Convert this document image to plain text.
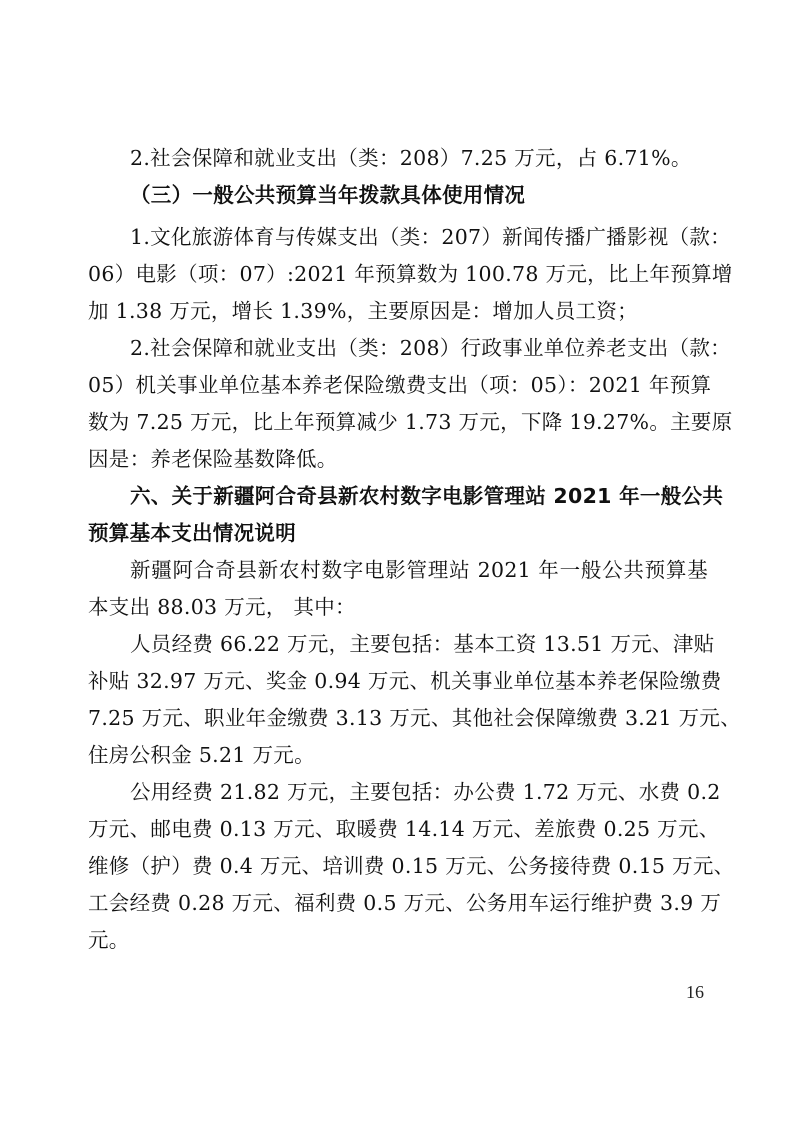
2.社会保障和就业支出（类：208）7.25 万元，占 6.71%。
（三）一般公共预算当年拨款具体使用情况
1.文化旅游体育与传媒支出（类：207）新闻传播广播影视（款：
06）电影（项：07）:2021 年预算数为 100.78 万元，比上年预算增
加 1.38 万元，增长 1.39%，主要原因是：增加人员工资；
2.社会保障和就业支出（类：208）行政事业单位养老支出（款：
05）机关事业单位基本养老保险缴费支出（项：05）：2021 年预算
数为 7.25 万元，比上年预算减少 1.73 万元，下降 19.27%。主要原
因是：养老保险基数降低。
六、关于新疆阿合奇县新农村数字电影管理站 2021 年一般公共
预算基本支出情况说明
新疆阿合奇县新农村数字电影管理站 2021 年一般公共预算基
本支出 88.03 万元， 其中：
人员经费 66.22 万元，主要包括：基本工资 13.51 万元、津贴
补贴 32.97 万元、奖金 0.94 万元、机关事业单位基本养老保险缴费
7.25 万元、职业年金缴费 3.13 万元、其他社会保障缴费 3.21 万元、
住房公积金 5.21 万元。
公用经费 21.82 万元，主要包括：办公费 1.72 万元、水费 0.2
万元、邮电费 0.13 万元、取暖费 14.14 万元、差旅费 0.25 万元、
维修（护）费 0.4 万元、培训费 0.15 万元、公务接待费 0.15 万元、
工会经费 0.28 万元、福利费 0.5 万元、公务用车运行维护费 3.9 万
元。
16
